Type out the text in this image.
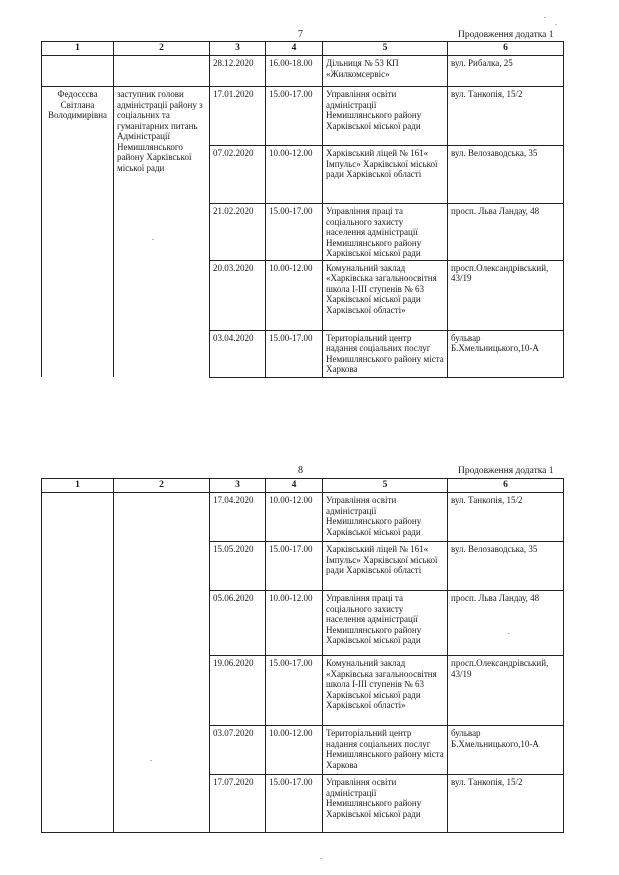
7	Продовження додатка 1
1	2	3	4	5	6
		28.12.2020	16.00-18.00	Дільниця № 53 КП «Жилкомсервіс»	вул. Рибалка, 25
Федосєєва Світлана Володимирівна	заступник голови адміністрації району з соціальних та гуманітарних питань Адміністрації Немишлянського району Харківської міської ради	17.01.2020	15.00-17.00	Управління освіти адміністрації Немишлянського району Харківської міської ради	вул. Танкопія, 15/2
		07.02.2020	10.00-12.00	Харківський ліцей № 161« Імпульс» Харківської міської ради Харківської області	вул. Велозаводська, 35
		21.02.2020	15.00-17.00	Управління праці та соціального захисту населення адміністрації Немишлянського району Харківської міської ради	просп. Льва Ландау, 48
		20.03.2020	10.00-12.00	Комунальний заклад «Харківська загальноосвітня школа І-ІІІ ступенів № 63 Харківської міської ради Харківської області»	просп.Олександрівський, 43/19
		03.04.2020	15.00-17.00	Територіальний центр надання соціальних послуг Немишлянського району міста Харкова	бульвар Б.Хмельницького,10-А
8	Продовження додатка 1
1	2	3	4	5	6
		17.04.2020	10.00-12.00	Управління освіти адміністрації Немишлянського району Харківської міської ради	вул. Танкопія, 15/2
		15.05.2020	15.00-17.00	Харківський ліцей № 161« Імпульс» Харківської міської ради Харківської області	вул. Велозаводська, 35
		05.06.2020	10.00-12.00	Управління праці та соціального захисту населення адміністрації Немишлянського району Харківської міської ради	просп. Льва Ландау, 48
		19.06.2020	15.00-17.00	Комунальний заклад «Харківська загальноосвітня школа І-ІІІ ступенів № 63 Харківської міської ради Харківської області»	просп.Олександрівський, 43/19
		03.07.2020	10.00-12.00	Територіальний центр надання соціальних послуг Немишлянського району міста Харкова	бульвар Б.Хмельницького,10-А
		17.07.2020	15.00-17.00	Управління освіти адміністрації Немишлянського району Харківської міської ради	вул. Танкопія, 15/2
